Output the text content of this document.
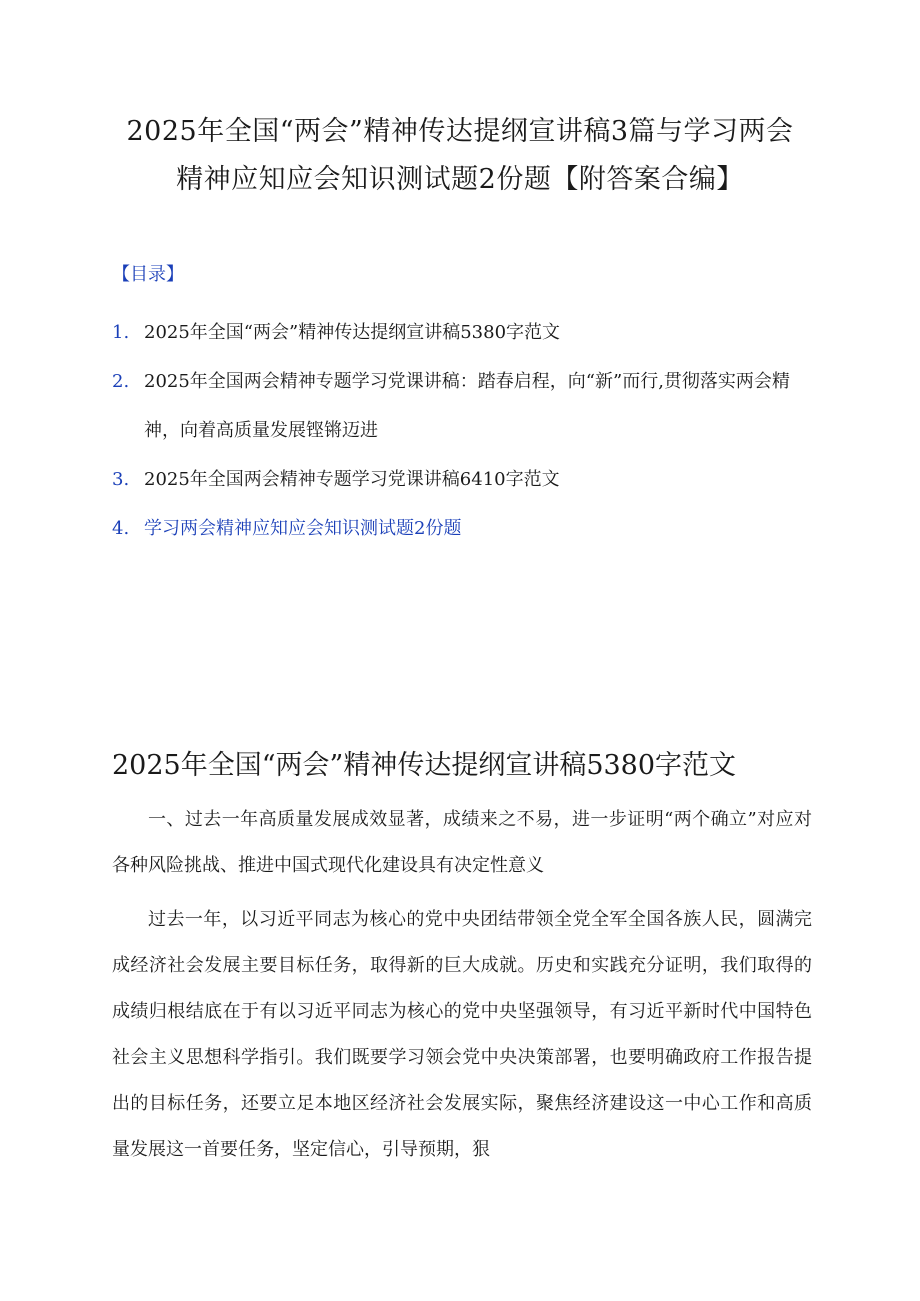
2025年全国“两会”精神传达提纲宣讲稿3篇与学习两会
精神应知应会知识测试题2份题【附答案合编】
【目录】
1. 2025年全国“两会”精神传达提纲宣讲稿5380字范文
2. 2025年全国两会精神专题学习党课讲稿：踏春启程，向“新”而行,贯彻落实两会精神，向着高质量发展铿锵迈进
3. 2025年全国两会精神专题学习党课讲稿6410字范文
4. 学习两会精神应知应会知识测试题2份题
2025年全国“两会”精神传达提纲宣讲稿5380字范文

一、过去一年高质量发展成效显著，成绩来之不易，进一步证明“两个确立”对应对各种风险挑战、推进中国式现代化建设具有决定性意义

过去一年，以习近平同志为核心的党中央团结带领全党全军全国各族人民，圆满完成经济社会发展主要目标任务，取得新的巨大成就。历史和实践充分证明，我们取得的成绩归根结底在于有以习近平同志为核心的党中央坚强领导，有习近平新时代中国特色社会主义思想科学指引。我们既要学习领会党中央决策部署，也要明确政府工作报告提出的目标任务，还要立足本地区经济社会发展实际，聚焦经济建设这一中心工作和高质量发展这一首要任务，坚定信心，引导预期，狠
